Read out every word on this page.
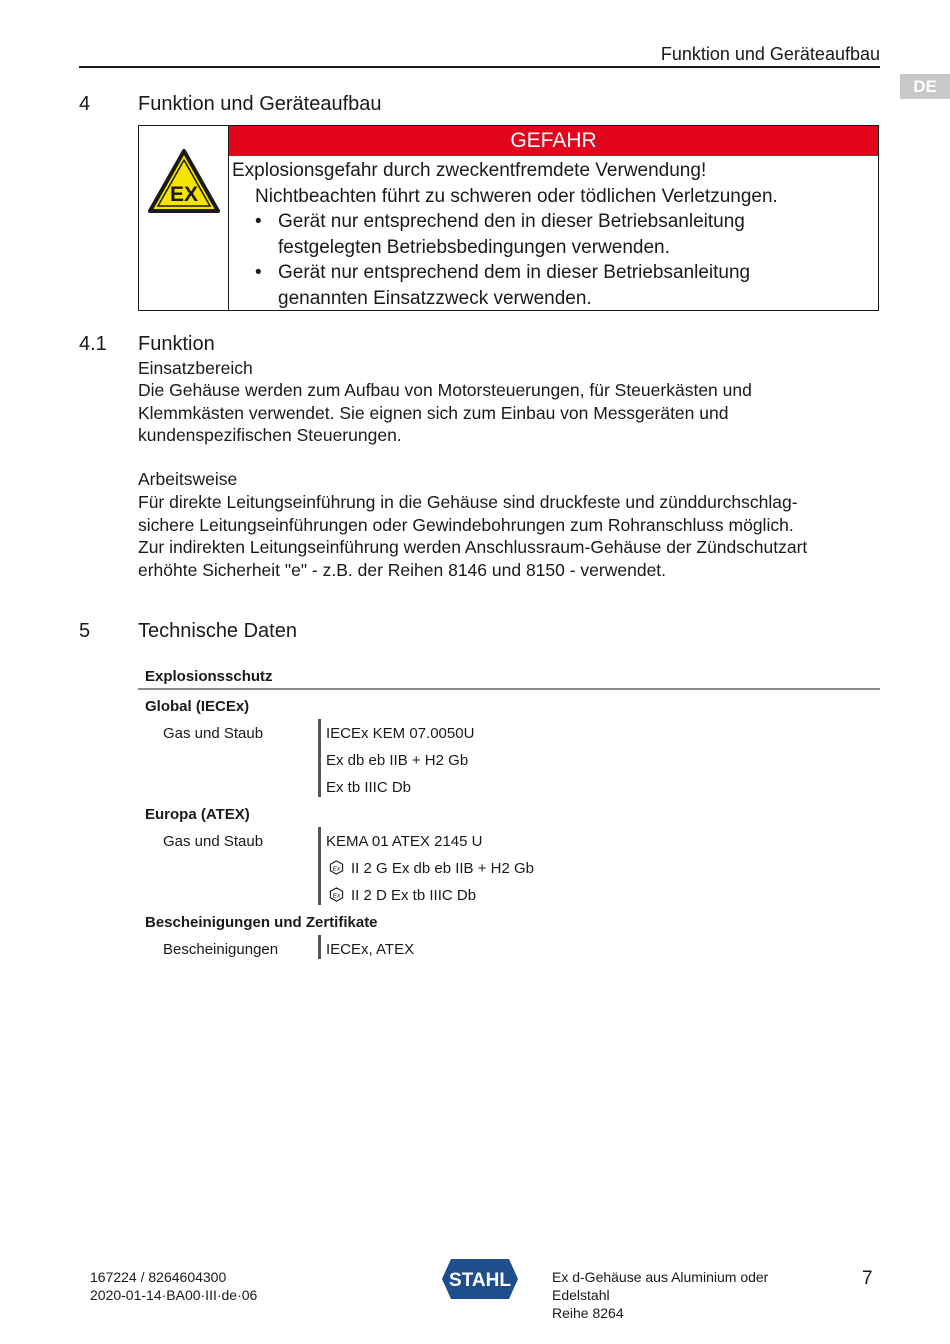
Funktion und Geräteaufbau
DE
4 Funktion und Geräteaufbau
EX
GEFAHR
Explosionsgefahr durch zweckentfremdete Verwendung!
Nichtbeachten führt zu schweren oder tödlichen Verletzungen.
• Gerät nur entsprechend den in dieser Betriebsanleitung
festgelegten Betriebsbedingungen verwenden.
• Gerät nur entsprechend dem in dieser Betriebsanleitung
genannten Einsatzzweck verwenden.
4.1 Funktion
Einsatzbereich
Die Gehäuse werden zum Aufbau von Motorsteuerungen, für Steuerkästen und
Klemmkästen verwendet. Sie eignen sich zum Einbau von Messgeräten und
kundenspezifischen Steuerungen.
Arbeitsweise
Für direkte Leitungseinführung in die Gehäuse sind druckfeste und zünddurchschlag-
sichere Leitungseinführungen oder Gewindebohrungen zum Rohranschluss möglich.
Zur indirekten Leitungseinführung werden Anschlussraum-Gehäuse der Zündschutzart
erhöhte Sicherheit "e" - z.B. der Reihen 8146 und 8150 - verwendet.
5 Technische Daten
Explosionsschutz
Global (IECEx)
Gas und Staub	IECEx KEM 07.0050U
Ex db eb IIB + H2 Gb
Ex tb IIIC Db
Europa (ATEX)
Gas und Staub	KEMA 01 ATEX 2145 U
Ex II 2 G Ex db eb IIB + H2 Gb
Ex II 2 D Ex tb IIIC Db
Bescheinigungen und Zertifikate
Bescheinigungen	IECEx, ATEX
167224 / 8264604300
2020-01-14·BA00·III·de·06
STAHL	Ex d-Gehäuse aus Aluminium oder
Edelstahl
Reihe 8264
7
